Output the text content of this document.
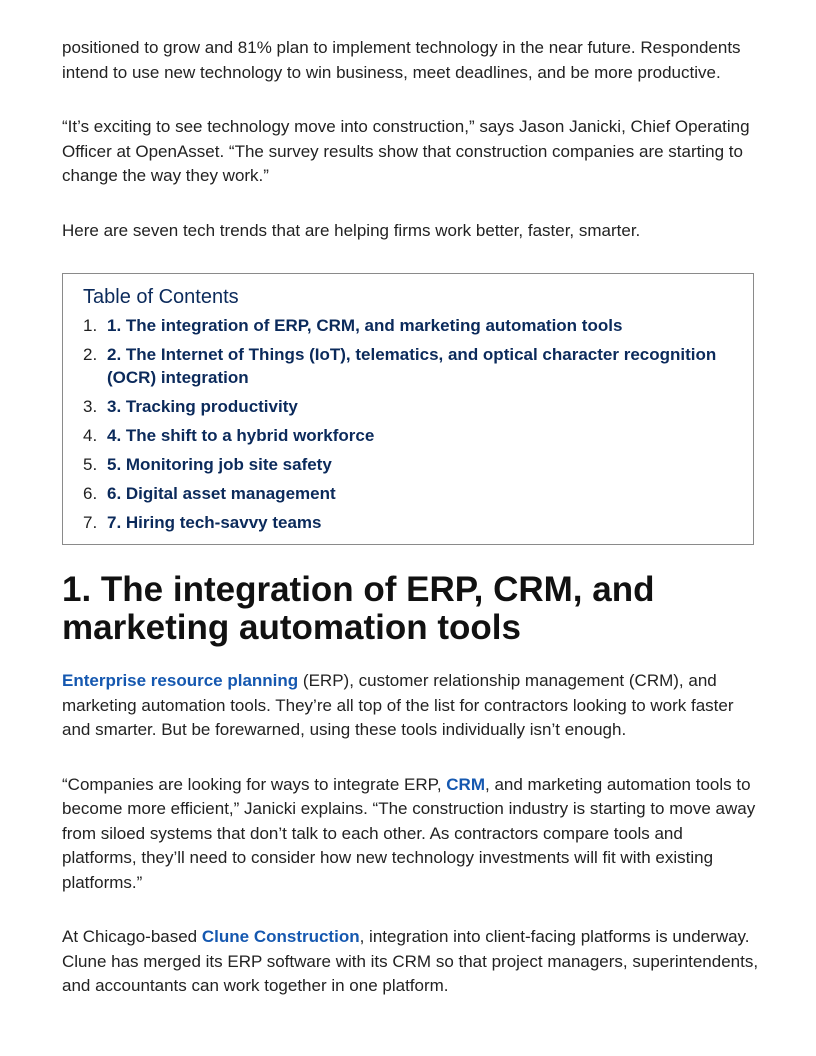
positioned to grow and 81% plan to implement technology in the near future. Respondents intend to use new technology to win business, meet deadlines, and be more productive.

“It’s exciting to see technology move into construction,” says Jason Janicki, Chief Operating Officer at OpenAsset. “The survey results show that construction companies are starting to change the way they work.”

Here are seven tech trends that are helping firms work better, faster, smarter.

Table of Contents
1. 1. The integration of ERP, CRM, and marketing automation tools
2. 2. The Internet of Things (IoT), telematics, and optical character recognition (OCR) integration
3. 3. Tracking productivity
4. 4. The shift to a hybrid workforce
5. 5. Monitoring job site safety
6. 6. Digital asset management
7. 7. Hiring tech-savvy teams
1. The integration of ERP, CRM, and marketing automation tools

Enterprise resource planning (ERP), customer relationship management (CRM), and marketing automation tools. They’re all top of the list for contractors looking to work faster and smarter. But be forewarned, using these tools individually isn’t enough.

“Companies are looking for ways to integrate ERP, CRM, and marketing automation tools to become more efficient,” Janicki explains. “The construction industry is starting to move away from siloed systems that don’t talk to each other. As contractors compare tools and platforms, they’ll need to consider how new technology investments will fit with existing platforms.”

At Chicago-based Clune Construction, integration into client-facing platforms is underway. Clune has merged its ERP software with its CRM so that project managers, superintendents, and accountants can work together in one platform.
